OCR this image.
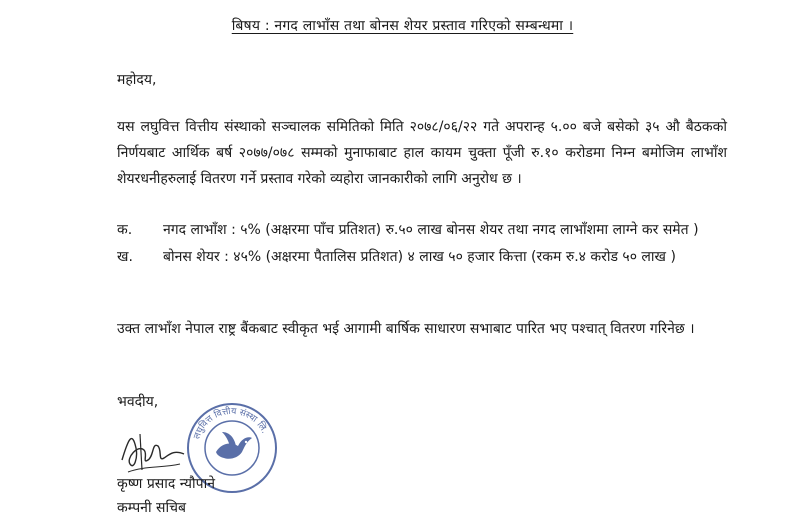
बिषय : नगद लाभाँस तथा बोनस शेयर प्रस्ताव गरिएको सम्बन्धमा ।
महोदय,
यस लघुवित्त वित्तीय संस्थाको सञ्चालक समितिको मिति २०७८/०६/२२ गते अपरान्ह ५.०० बजे बसेको ३५ औ बैठकको निर्णयबाट आर्थिक बर्ष २०७७/०७८ सम्मको मुनाफाबाट हाल कायम चुक्ता पूँजी रु.१० करोडमा निम्न बमोजिम लाभाँश शेयरधनीहरुलाई वितरण गर्ने प्रस्ताव गरेको व्यहोरा जानकारीको लागि अनुरोध छ ।
क.	नगद लाभाँश : ५% (अक्षरमा पाँच प्रतिशत) रु.५० लाख बोनस शेयर तथा नगद लाभाँशमा लाग्ने कर समेत )
ख.	बोनस शेयर : ४५% (अक्षरमा पैतालिस प्रतिशत) ४ लाख ५० हजार कित्ता (रकम रु.४ करोड ५० लाख )
उक्त लाभाँश नेपाल राष्ट्र बैंकबाट स्वीकृत भई आगामी बार्षिक साधारण सभाबाट पारित भए पश्चात् वितरण गरिनेछ ।
भवदीय,
लघुवित्त वित्तीय संस्था लि.
कृष्ण प्रसाद न्यौपाने
कम्पनी सचिब
